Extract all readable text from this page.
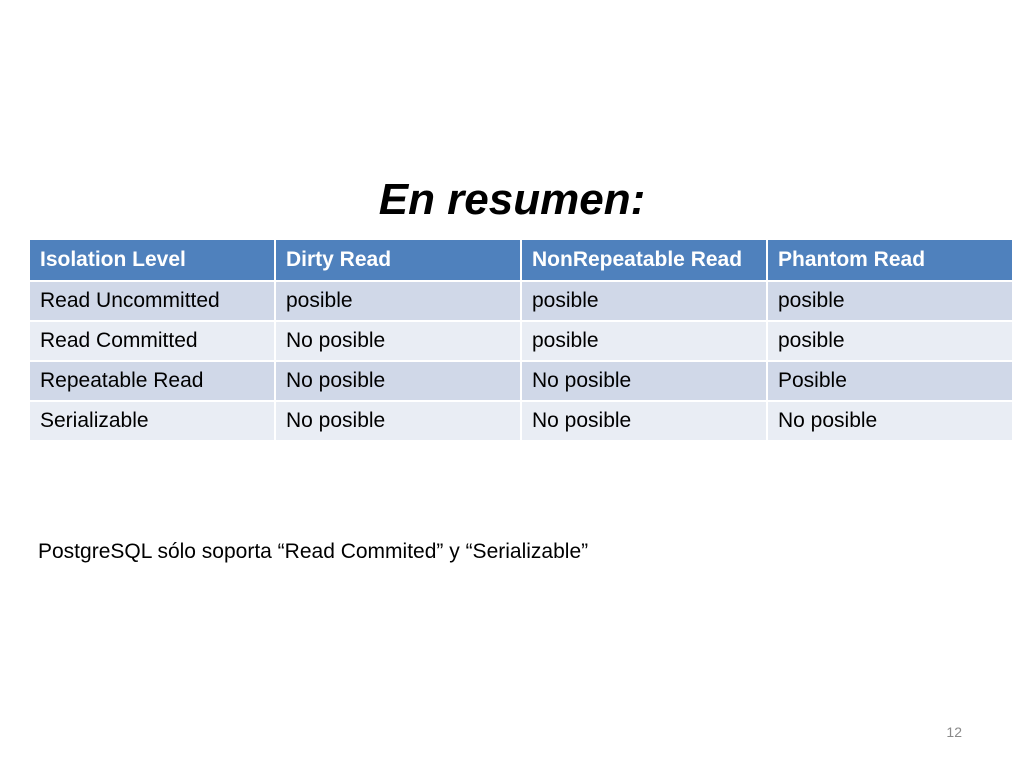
En resumen:
Isolation Level	Dirty Read	NonRepeatable Read	Phantom Read
Read Uncommitted	posible	posible	posible
Read Committed	No posible	posible	posible
Repeatable Read	No posible	No posible	Posible
Serializable	No posible	No posible	No posible
PostgreSQL sólo soporta “Read Commited” y “Serializable”
12
